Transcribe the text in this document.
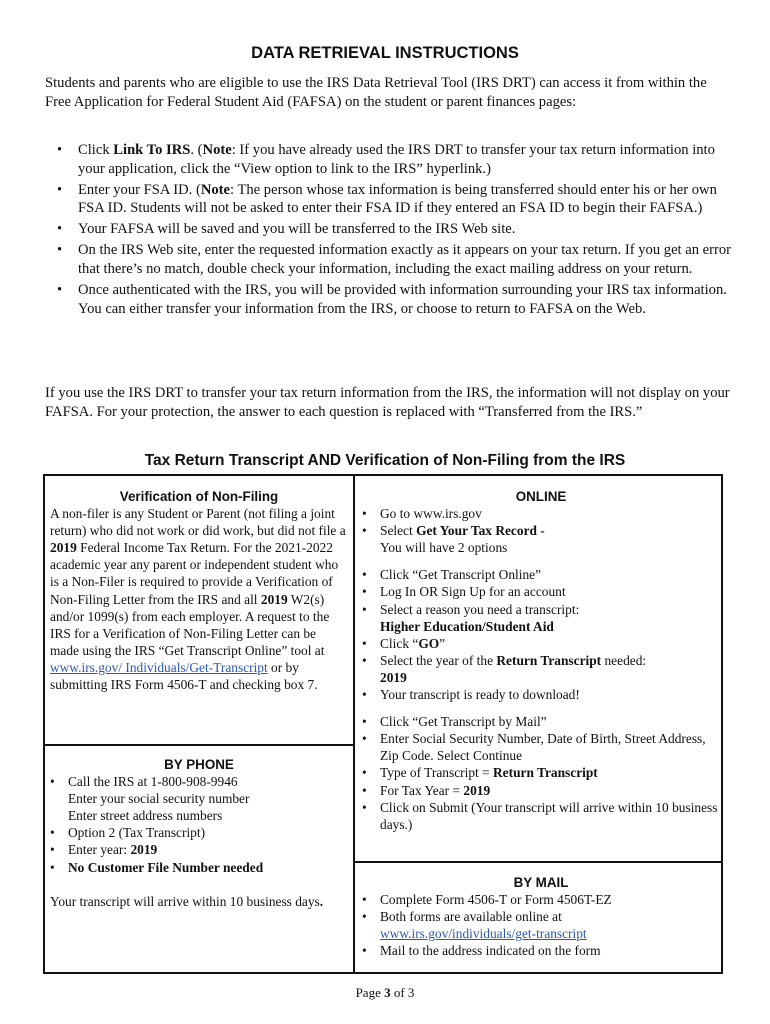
DATA RETRIEVAL INSTRUCTIONS

Students and parents who are eligible to use the IRS Data Retrieval Tool (IRS DRT) can access it from within the Free Application for Federal Student Aid (FAFSA) on the student or parent finances pages:

• Click Link To IRS. (Note: If you have already used the IRS DRT to transfer your tax return information into your application, click the “View option to link to the IRS” hyperlink.)
• Enter your FSA ID. (Note: The person whose tax information is being transferred should enter his or her own FSA ID. Students will not be asked to enter their FSA ID if they entered an FSA ID to begin their FAFSA.)
• Your FAFSA will be saved and you will be transferred to the IRS Web site.
• On the IRS Web site, enter the requested information exactly as it appears on your tax return. If you get an error that there’s no match, double check your information, including the exact mailing address on your return.
• Once authenticated with the IRS, you will be provided with information surrounding your IRS tax information. You can either transfer your information from the IRS, or choose to return to FAFSA on the Web.

If you use the IRS DRT to transfer your tax return information from the IRS, the information will not display on your FAFSA. For your protection, the answer to each question is replaced with “Transferred from the IRS.”

Tax Return Transcript AND Verification of Non-Filing from the IRS
Verification of Non-Filing

A non-filer is any Student or Parent (not filing a joint return) who did not work or did work, but did not file a 2019 Federal Income Tax Return. For the 2021-2022 academic year any parent or independent student who is a Non-Filer is required to provide a Verification of Non-Filing Letter from the IRS and all 2019 W2(s) and/or 1099(s) from each employer. A request to the IRS for a Verification of Non-Filing Letter can be made using the IRS “Get Transcript Online” tool at www.irs.gov/ Individuals/Get-Transcript or by submitting IRS Form 4506-T and checking box 7.

BY PHONE
• Call the IRS at 1-800-908-9946
Enter your social security number
Enter street address numbers
• Option 2 (Tax Transcript)
• Enter year: 2019
• No Customer File Number needed
Your transcript will arrive within 10 business days.
ONLINE
• Go to www.irs.gov
• Select Get Your Tax Record -
You will have 2 options
• Click “Get Transcript Online”
• Log In OR Sign Up for an account
• Select a reason you need a transcript:
Higher Education/Student Aid
• Click “GO”
• Select the year of the Return Transcript needed:
2019
• Your transcript is ready to download!
• Click “Get Transcript by Mail”
• Enter Social Security Number, Date of Birth, Street Address, Zip Code. Select Continue
• Type of Transcript = Return Transcript
• For Tax Year = 2019
• Click on Submit (Your transcript will arrive within 10 business days.)
BY MAIL
• Complete Form 4506-T or Form 4506T-EZ
• Both forms are available online at
www.irs.gov/individuals/get-transcript
• Mail to the address indicated on the form
Page 3 of 3
